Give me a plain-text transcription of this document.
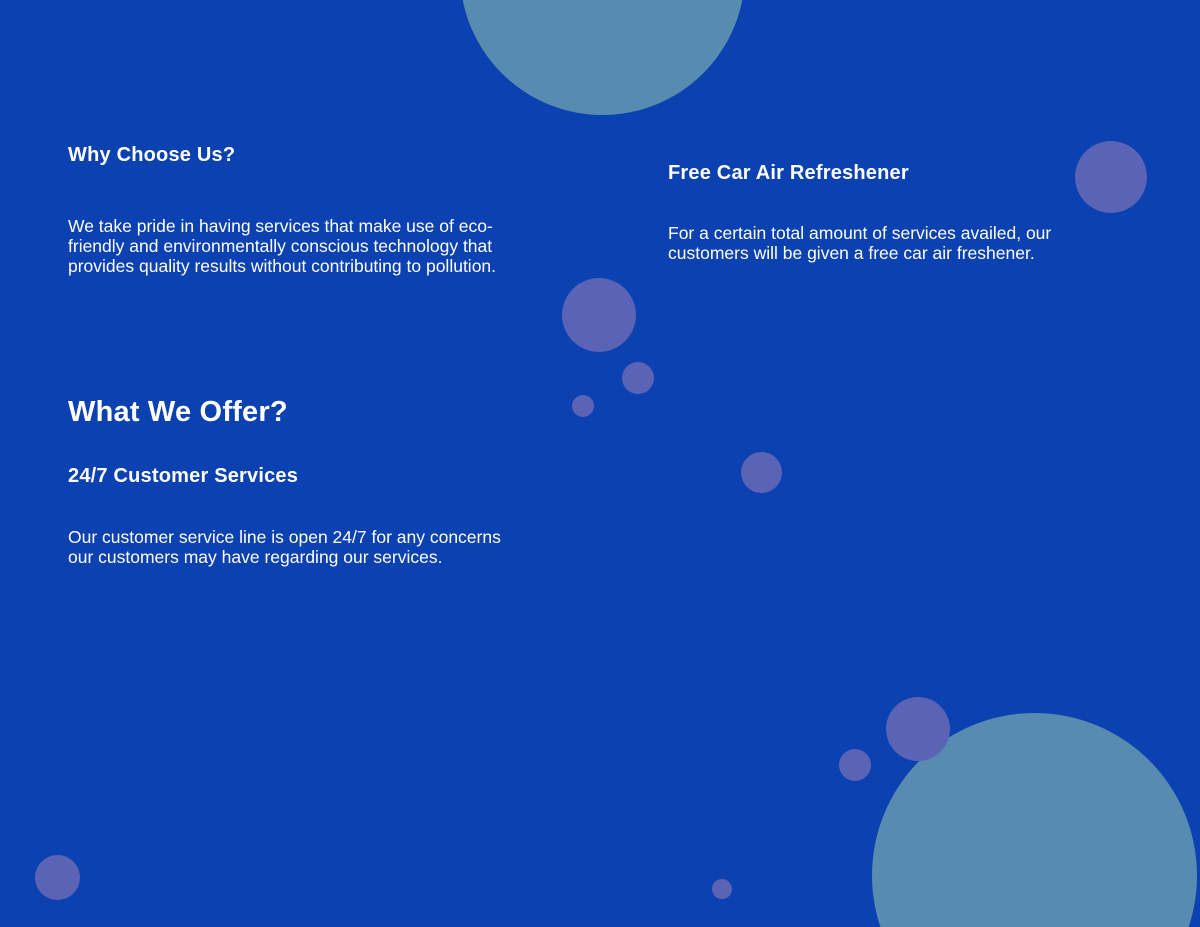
Why Choose Us?

We take pride in having services that make use of eco-friendly and environmentally conscious technology that provides quality results without contributing to pollution.

Free Car Air Refreshener

For a certain total amount of services availed, our customers will be given a free car air freshener.

What We Offer?
24/7 Customer Services

Our customer service line is open 24/7 for any concerns our customers may have regarding our services.
